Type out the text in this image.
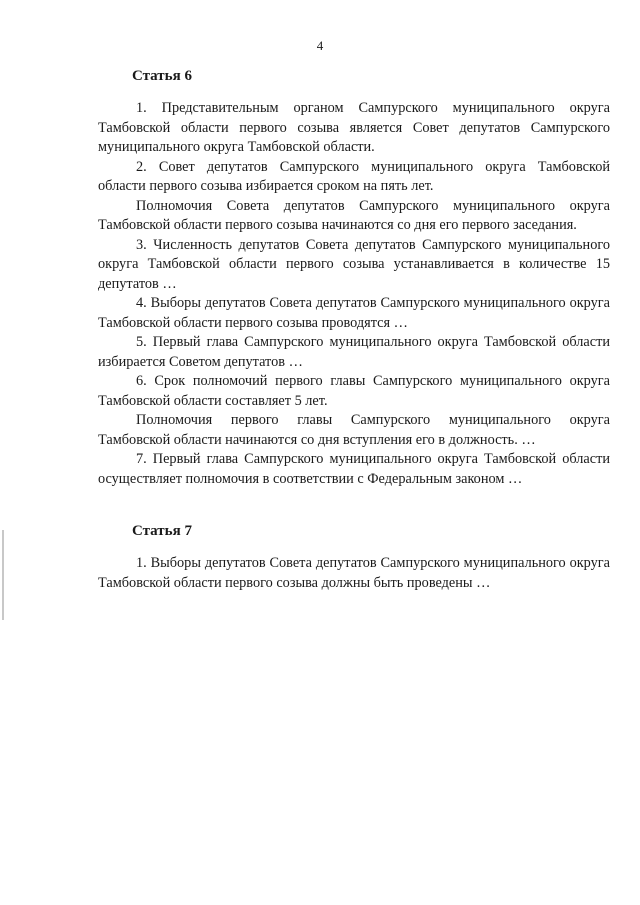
4
Статья 6

1. Представительным органом Сампурского муниципального округа Тамбовской области первого созыва является Совет депутатов Сампурского муниципального округа Тамбовской области.

2. Совет депутатов Сампурского муниципального округа Тамбовской области первого созыва избирается сроком на пять лет.

Полномочия Совета депутатов Сампурского муниципального округа Тамбовской области первого созыва начинаются со дня его первого заседания.

3. Численность депутатов Совета депутатов Сампурского муниципального округа Тамбовской области первого созыва устанавливается в количестве 15 депутатов …

4. Выборы депутатов Совета депутатов Сампурского муниципального округа Тамбовской области первого созыва проводятся …

5. Первый глава Сампурского муниципального округа Тамбовской области избирается Советом депутатов …

6. Срок полномочий первого главы Сампурского муниципального округа Тамбовской области составляет 5 лет.

Полномочия первого главы Сампурского муниципального округа Тамбовской области начинаются со дня вступления его в должность. …

7. Первый глава Сампурского муниципального округа Тамбовской области осуществляет полномочия в соответствии с Федеральным законом …

Статья 7

1. Выборы депутатов Совета депутатов Сампурского муниципального округа Тамбовской области первого созыва должны быть проведены …
